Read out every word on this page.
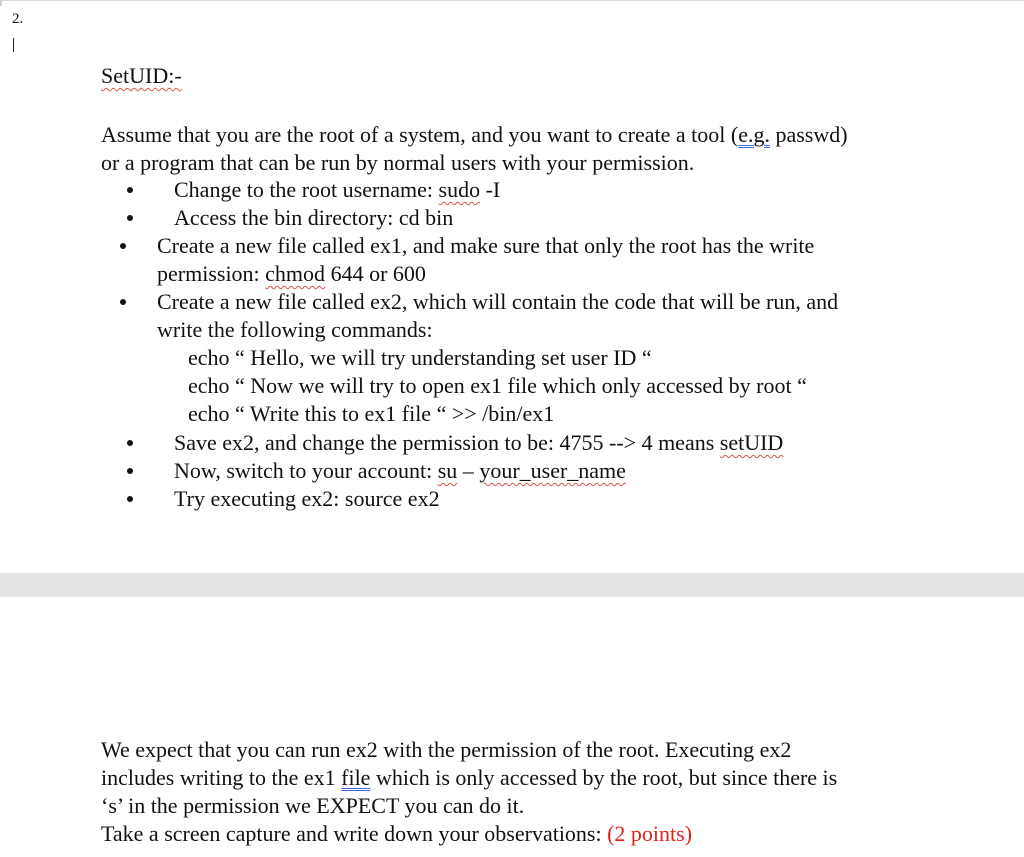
2.
SetUID:-
Assume that you are the root of a system, and you want to create a tool (e.g. passwd)
or a program that can be run by normal users with your permission.
Change to the root username: sudo -I
Access the bin directory: cd bin
Create a new file called ex1, and make sure that only the root has the write
permission: chmod 644 or 600
Create a new file called ex2, which will contain the code that will be run, and
write the following commands:
echo “ Hello, we will try understanding set user ID “
echo “ Now we will try to open ex1 file which only accessed by root “
echo “ Write this to ex1 file “ >> /bin/ex1
Save ex2, and change the permission to be: 4755 --> 4 means setUID
Now, switch to your account: su – your_user_name
Try executing ex2: source ex2
We expect that you can run ex2 with the permission of the root. Executing ex2
includes writing to the ex1 file which is only accessed by the root, but since there is
‘s’ in the permission we EXPECT you can do it.
Take a screen capture and write down your observations: (2 points)
